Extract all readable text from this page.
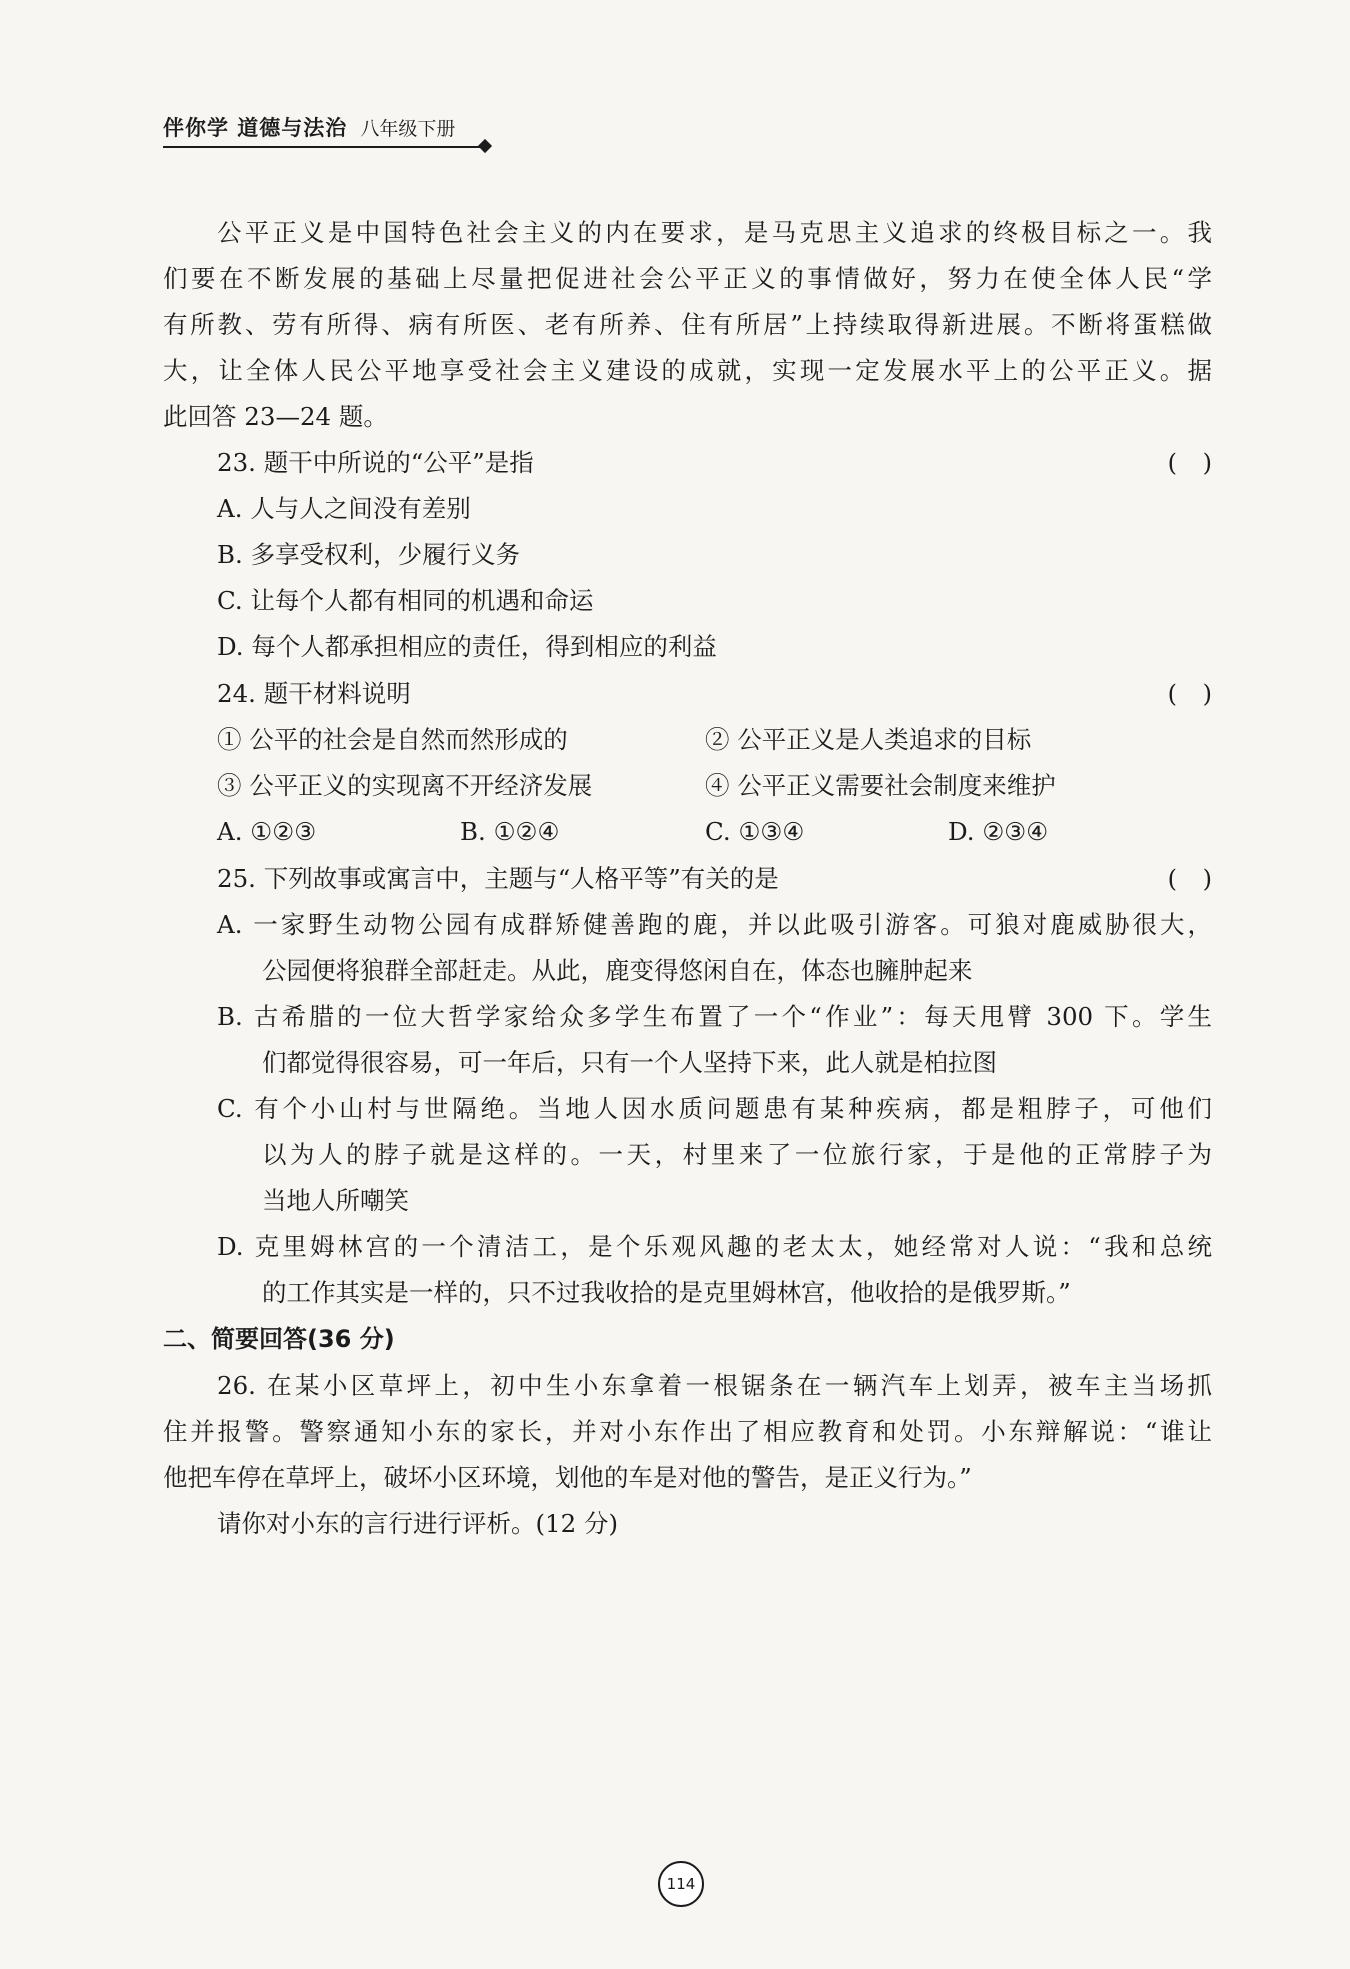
伴你学 道德与法治 八年级下册
公平正义是中国特色社会主义的内在要求，是马克思主义追求的终极目标之一。我
们要在不断发展的基础上尽量把促进社会公平正义的事情做好，努力在使全体人民“学
有所教、劳有所得、病有所医、老有所养、住有所居”上持续取得新进展。不断将蛋糕做
大，让全体人民公平地享受社会主义建设的成就，实现一定发展水平上的公平正义。据
此回答 23—24 题。
23. 题干中所说的“公平”是指	( )
A. 人与人之间没有差别
B. 多享受权利，少履行义务
C. 让每个人都有相同的机遇和命运
D. 每个人都承担相应的责任，得到相应的利益
24. 题干材料说明	( )
① 公平的社会是自然而然形成的	② 公平正义是人类追求的目标
③ 公平正义的实现离不开经济发展	④ 公平正义需要社会制度来维护
A. ①②③	B. ①②④	C. ①③④	D. ②③④
25. 下列故事或寓言中，主题与“人格平等”有关的是	( )
A. 一家野生动物公园有成群矫健善跑的鹿，并以此吸引游客。可狼对鹿威胁很大，
公园便将狼群全部赶走。从此，鹿变得悠闲自在，体态也臃肿起来
B. 古希腊的一位大哲学家给众多学生布置了一个“作业”：每天甩臂 300 下。学生
们都觉得很容易，可一年后，只有一个人坚持下来，此人就是柏拉图
C. 有个小山村与世隔绝。当地人因水质问题患有某种疾病，都是粗脖子，可他们
以为人的脖子就是这样的。一天，村里来了一位旅行家，于是他的正常脖子为
当地人所嘲笑
D. 克里姆林宫的一个清洁工，是个乐观风趣的老太太，她经常对人说：“我和总统
的工作其实是一样的，只不过我收拾的是克里姆林宫，他收拾的是俄罗斯。”
二、简要回答(36 分)
26. 在某小区草坪上，初中生小东拿着一根锯条在一辆汽车上划弄，被车主当场抓
住并报警。警察通知小东的家长，并对小东作出了相应教育和处罚。小东辩解说：“谁让
他把车停在草坪上，破坏小区环境，划他的车是对他的警告，是正义行为。”
请你对小东的言行进行评析。(12 分)
114
